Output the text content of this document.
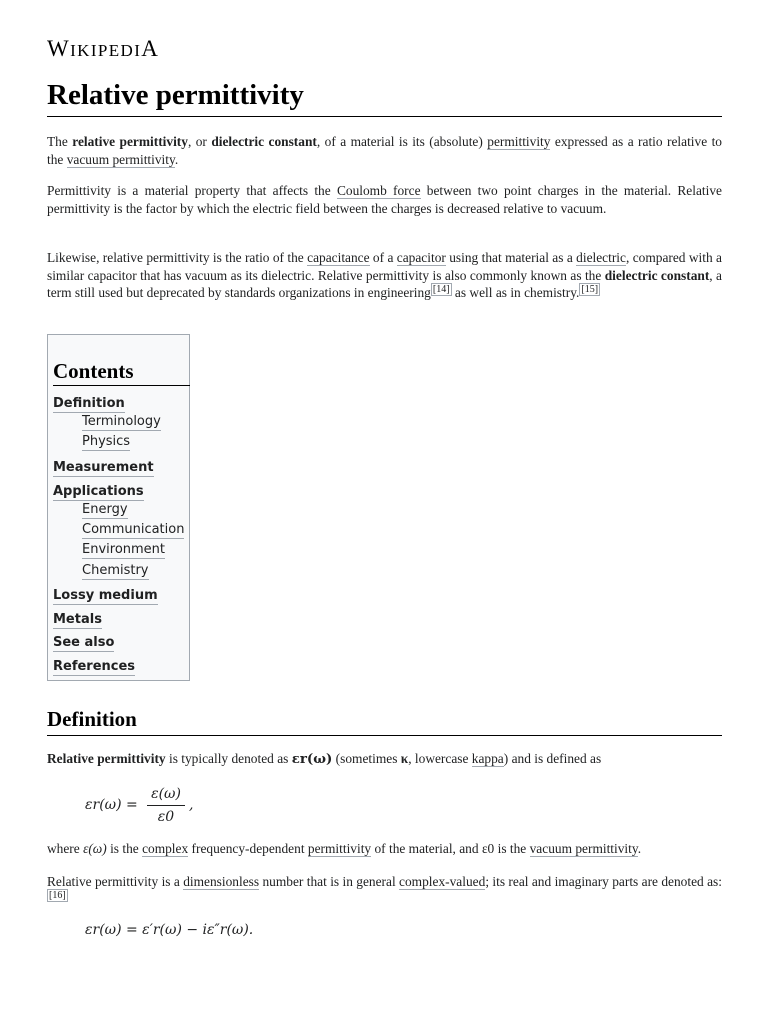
WIKIPEDIA
Relative permittivity

The relative permittivity, or dielectric constant, of a material is its (absolute) permittivity expressed as a ratio relative to the vacuum permittivity.

Permittivity is a material property that affects the Coulomb force between two point charges in the material. Relative permittivity is the factor by which the electric field between the charges is decreased relative to vacuum.

Likewise, relative permittivity is the ratio of the capacitance of a capacitor using that material as a dielectric, compared with a similar capacitor that has vacuum as its dielectric. Relative permittivity is also commonly known as the dielectric constant, a term still used but deprecated by standards organizations in engineering [14] as well as in chemistry. [15]

Contents
Definition
Terminology
Physics
Measurement
Applications
Energy
Communication
Environment
Chemistry
Lossy medium
Metals
See also
References
Definition

Relative permittivity is typically denoted as εr(ω) (sometimes κ, lowercase kappa) and is defined as

εr(ω) =
ε(ω)
ε0
,

where ε(ω) is the complex frequency-dependent permittivity of the material, and ε0 is the vacuum permittivity.

Relative permittivity is a dimensionless number that is in general complex-valued; its real and imaginary parts are denoted as:[16]

εr(ω) = ε′r(ω) − iε″r(ω).
